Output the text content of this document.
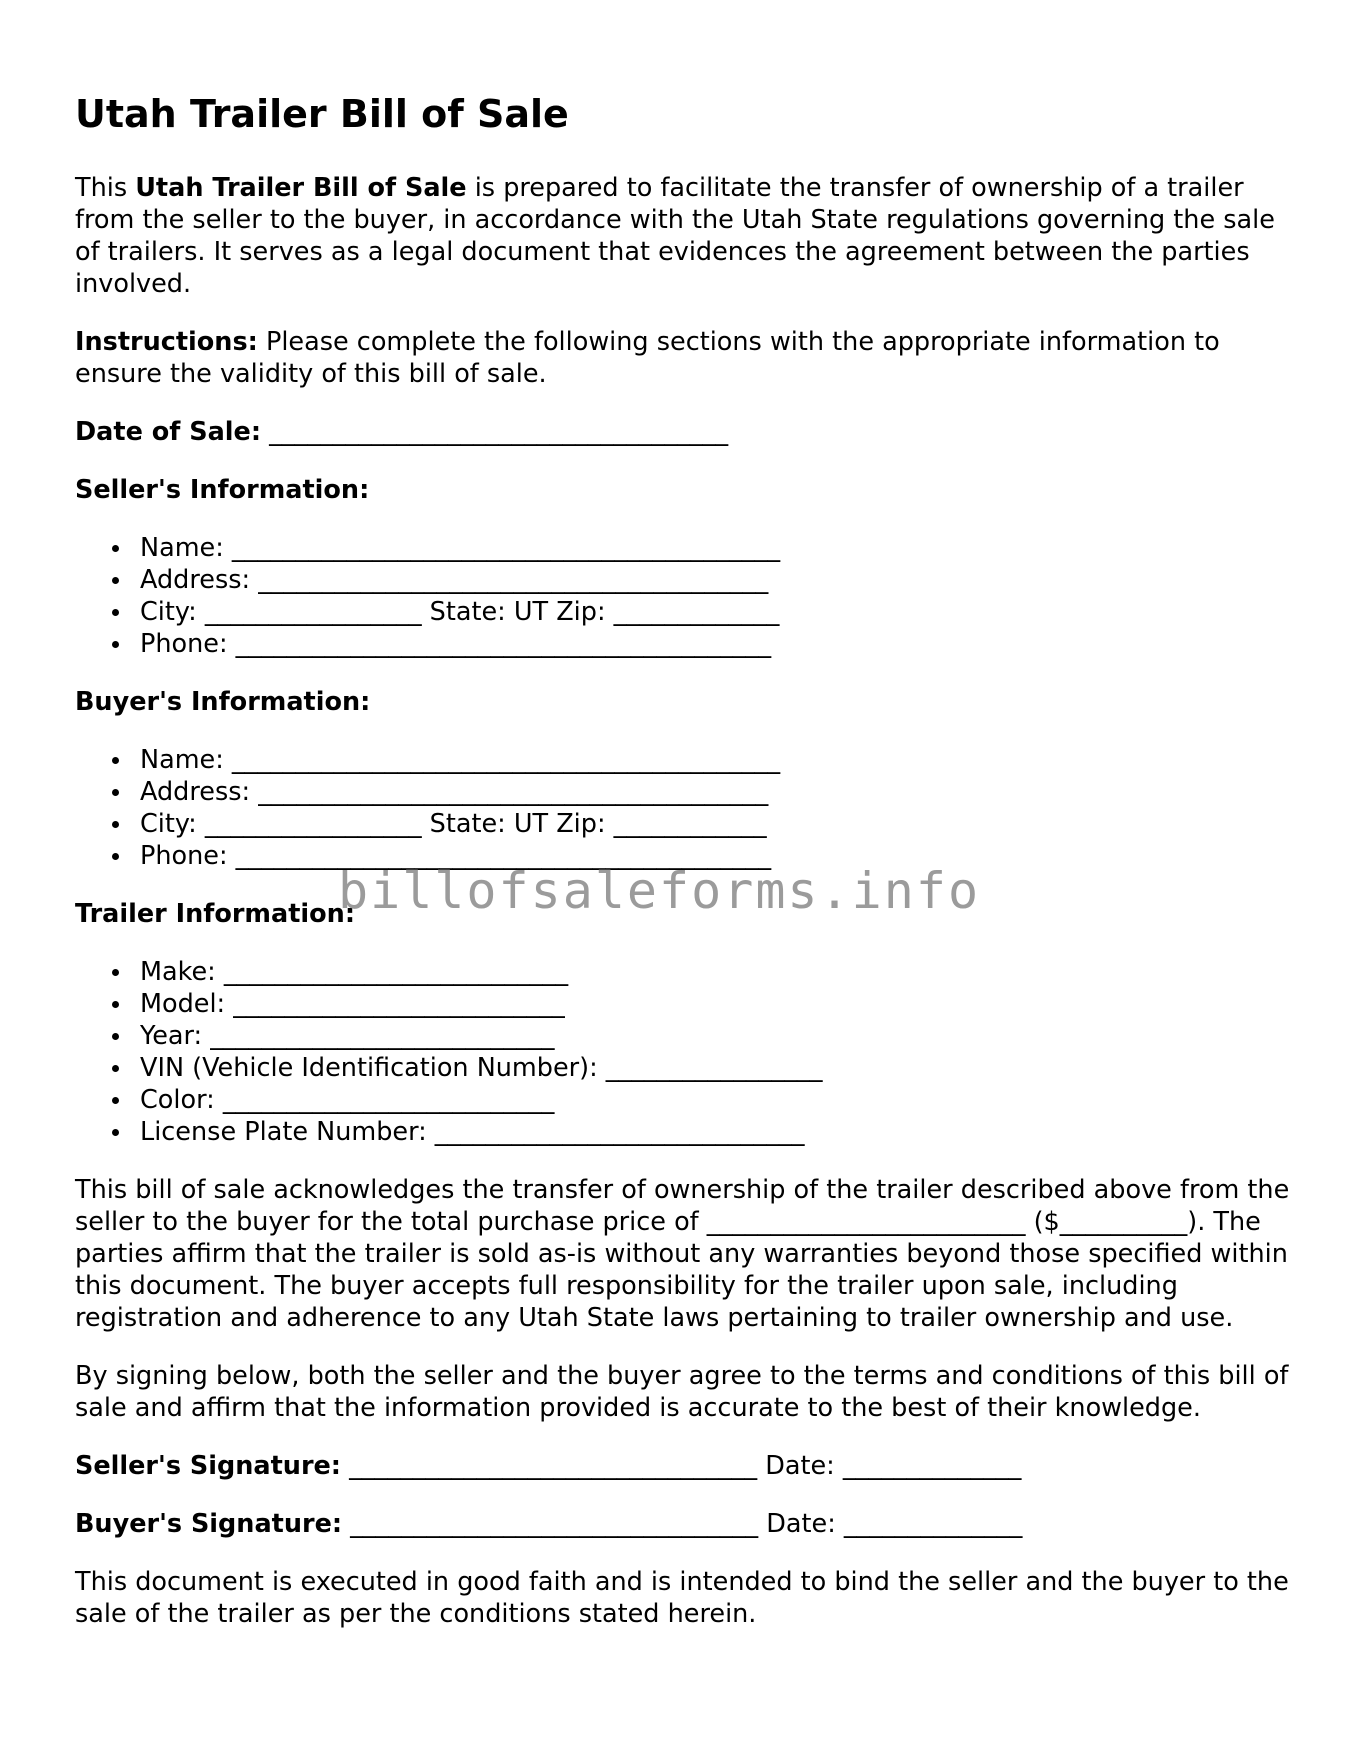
Utah Trailer Bill of Sale

This Utah Trailer Bill of Sale is prepared to facilitate the transfer of ownership of a trailer from the seller to the buyer, in accordance with the Utah State regulations governing the sale of trailers. It serves as a legal document that evidences the agreement between the parties involved.

Instructions: Please complete the following sections with the appropriate information to ensure the validity of this bill of sale.

Date of Sale: ____________________________________

Seller's Information:

Name: ___________________________________________
Address: ________________________________________
City: _________________ State: UT Zip: _____________
Phone: __________________________________________

Buyer's Information:

Name: ___________________________________________
Address: ________________________________________
City: _________________ State: UT Zip: ____________
Phone: __________________________________________

Trailer Information:

Make: ___________________________
Model: __________________________
Year: ___________________________
VIN (Vehicle Identification Number): _________________
Color: __________________________
License Plate Number: _____________________________

This bill of sale acknowledges the transfer of ownership of the trailer described above from the seller to the buyer for the total purchase price of _________________________ ($__________). The parties affirm that the trailer is sold as-is without any warranties beyond those specified within this document. The buyer accepts full responsibility for the trailer upon sale, including registration and adherence to any Utah State laws pertaining to trailer ownership and use.

By signing below, both the seller and the buyer agree to the terms and conditions of this bill of sale and affirm that the information provided is accurate to the best of their knowledge.

Seller's Signature: ________________________________ Date: ______________

Buyer's Signature: ________________________________ Date: ______________

This document is executed in good faith and is intended to bind the seller and the buyer to the sale of the trailer as per the conditions stated herein.

billofsaleforms.info
